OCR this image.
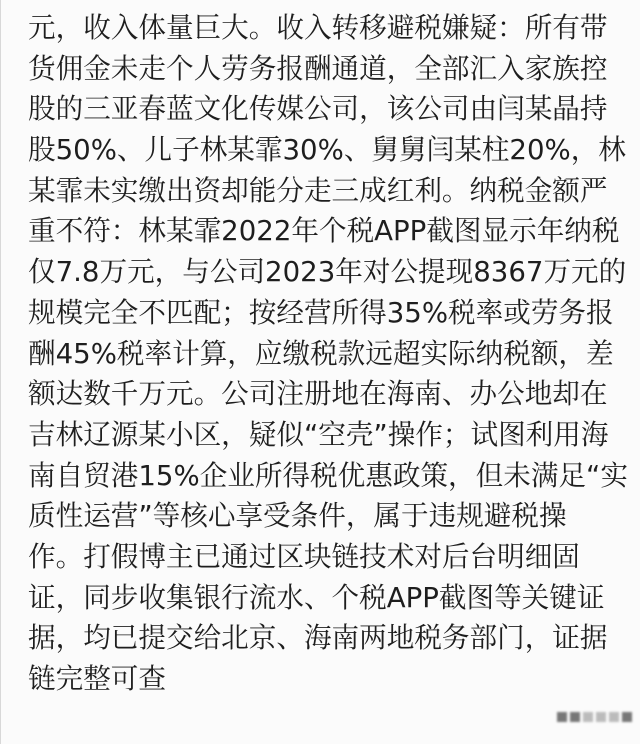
元，收入体量巨大。收入转移避税嫌疑：所有带
货佣金未走个人劳务报酬通道，全部汇入家族控
股的三亚春蓝文化传媒公司，该公司由闫某晶持
股50%、儿子林某霏30%、舅舅闫某柱20%，林
某霏未实缴出资却能分走三成红利。纳税金额严
重不符：林某霏2022年个税APP截图显示年纳税
仅7.8万元，与公司2023年对公提现8367万元的
规模完全不匹配；按经营所得35%税率或劳务报
酬45%税率计算，应缴税款远超实际纳税额，差
额达数千万元。公司注册地在海南、办公地却在
吉林辽源某小区，疑似“空壳”操作；试图利用海
南自贸港15%企业所得税优惠政策，但未满足“实
质性运营”等核心享受条件，属于违规避税操
作。打假博主已通过区块链技术对后台明细固
证，同步收集银行流水、个税APP截图等关键证
据，均已提交给北京、海南两地税务部门，证据
链完整可查
